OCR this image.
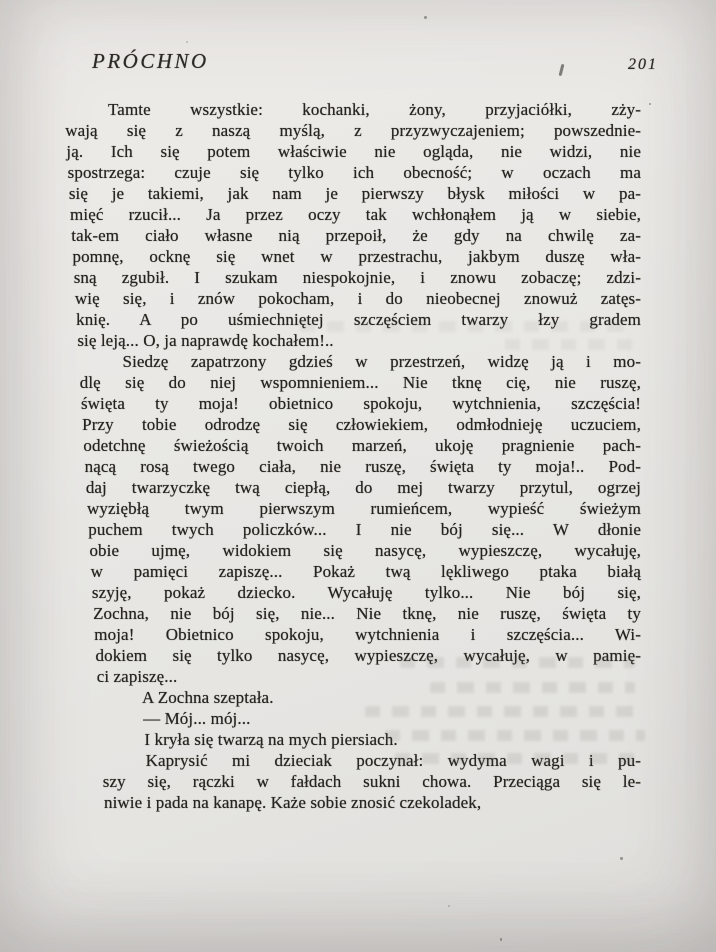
PRÓCHNO	201
Tamte wszystkie: kochanki, żony, przyjaciółki, zży-
wają się z naszą myślą, z przyzwyczajeniem; powszednie-
ją. Ich się potem właściwie nie ogląda, nie widzi, nie
spostrzega: czuje się tylko ich obecność; w oczach ma
się je takiemi, jak nam je pierwszy błysk miłości w pa-
mięć rzucił... Ja przez oczy tak wchłonąłem ją w siebie,
tak-em ciało własne nią przepoił, że gdy na chwilę za-
pomnę, ocknę się wnet w przestrachu, jakbym duszę wła-
sną zgubił. I szukam niespokojnie, i znowu zobaczę; zdzi-
wię się, i znów pokocham, i do nieobecnej znowuż zatęs-
knię. A po uśmiechniętej szczęściem twarzy łzy gradem
się leją... O, ja naprawdę kochałem!..
Siedzę zapatrzony gdzieś w przestrzeń, widzę ją i mo-
dlę się do niej wspomnieniem... Nie tknę cię, nie ruszę,
święta ty moja! obietnico spokoju, wytchnienia, szczęścia!
Przy tobie odrodzę się człowiekiem, odmłodnieję uczuciem,
odetchnę świeżością twoich marzeń, ukoję pragnienie pach-
nącą rosą twego ciała, nie ruszę, święta ty moja!.. Pod-
daj twarzyczkę twą ciepłą, do mej twarzy przytul, ogrzej
wyziębłą twym pierwszym rumieńcem, wypieść świeżym
puchem twych policzków... I nie bój się... W dłonie
obie ujmę, widokiem się nasycę, wypieszczę, wycałuję,
w pamięci zapiszę... Pokaż twą lękliwego ptaka białą
szyję, pokaż dziecko. Wycałuję tylko... Nie bój się,
Zochna, nie bój się, nie... Nie tknę, nie ruszę, święta ty
moja! Obietnico spokoju, wytchnienia i szczęścia... Wi-
dokiem się tylko nasycę, wypieszczę, wycałuję, w pamię-
ci zapiszę...
A Zochna szeptała.
— Mój... mój...
I kryła się twarzą na mych piersiach.
Kaprysić mi dzieciak poczynał: wydyma wagi i pu-
szy się, rączki w fałdach sukni chowa. Przeciąga się le-
niwie i pada na kanapę. Każe sobie znosić czekoladek,
